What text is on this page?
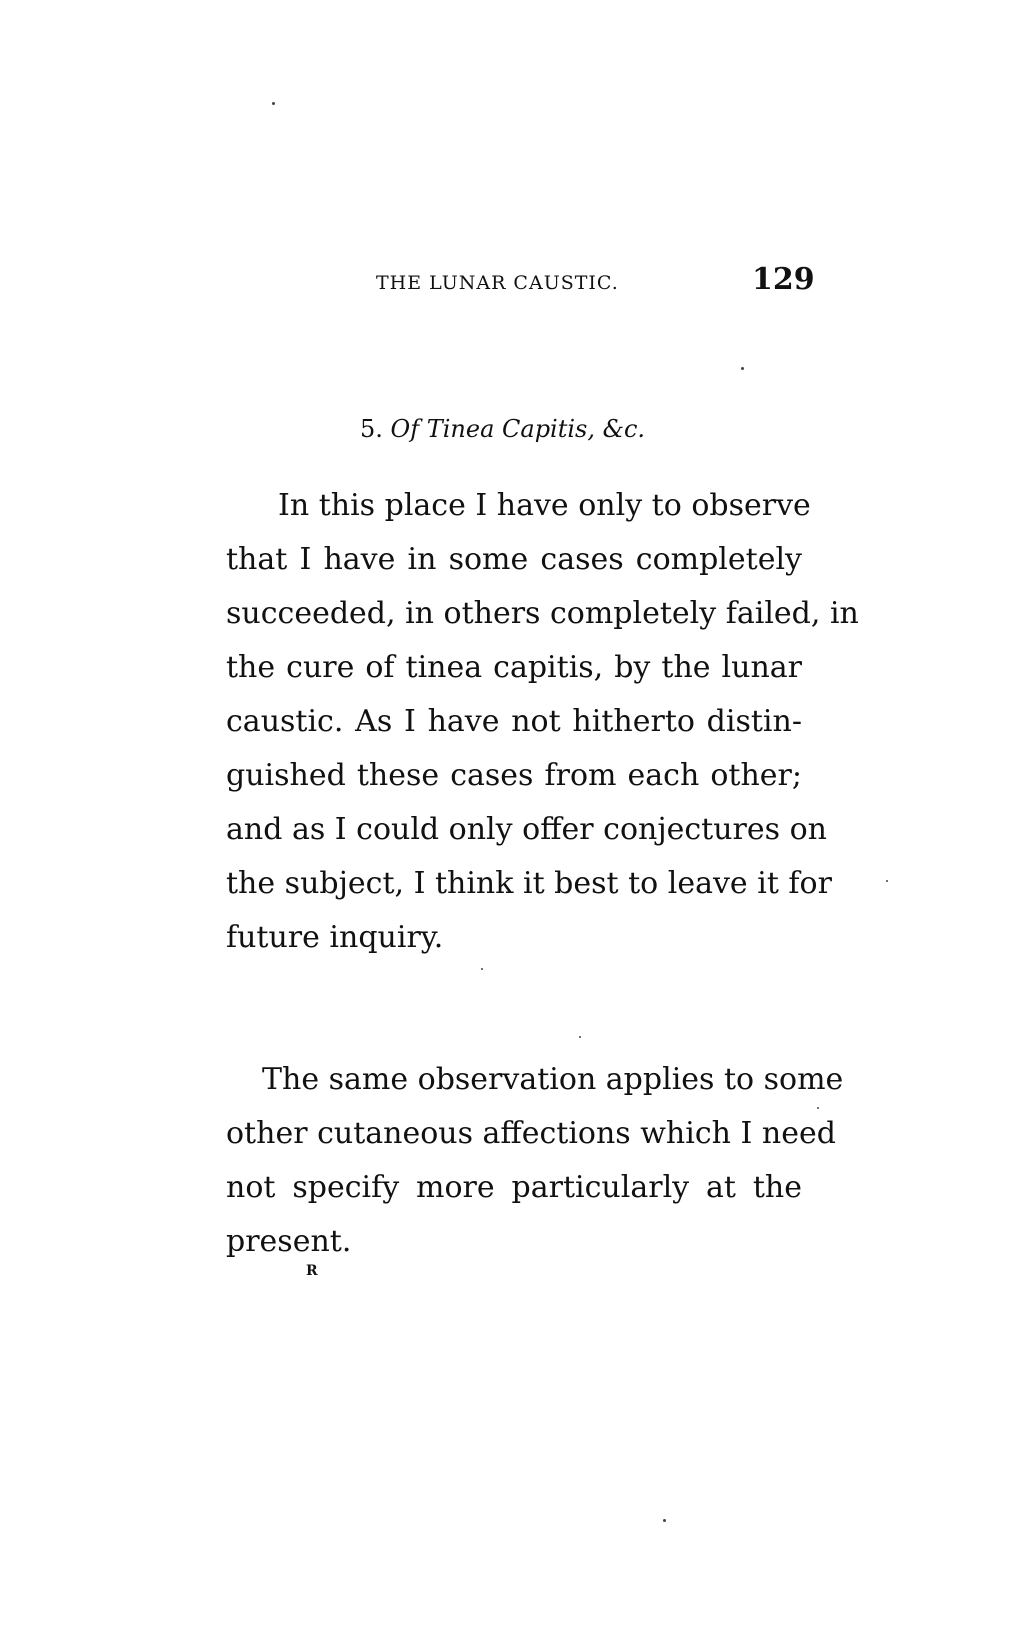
THE LUNAR CAUSTIC.	129
5. Of Tinea Capitis, &c.
In this place I have only to observe
that I have in some cases completely
succeeded, in others completely failed, in
the cure of tinea capitis, by the lunar
caustic. As I have not hitherto distin-
guished these cases from each other;
and as I could only offer conjectures on
the subject, I think it best to leave it for
future inquiry.
The same observation applies to some
other cutaneous affections which I need
not specify more particularly at the
present.
R
